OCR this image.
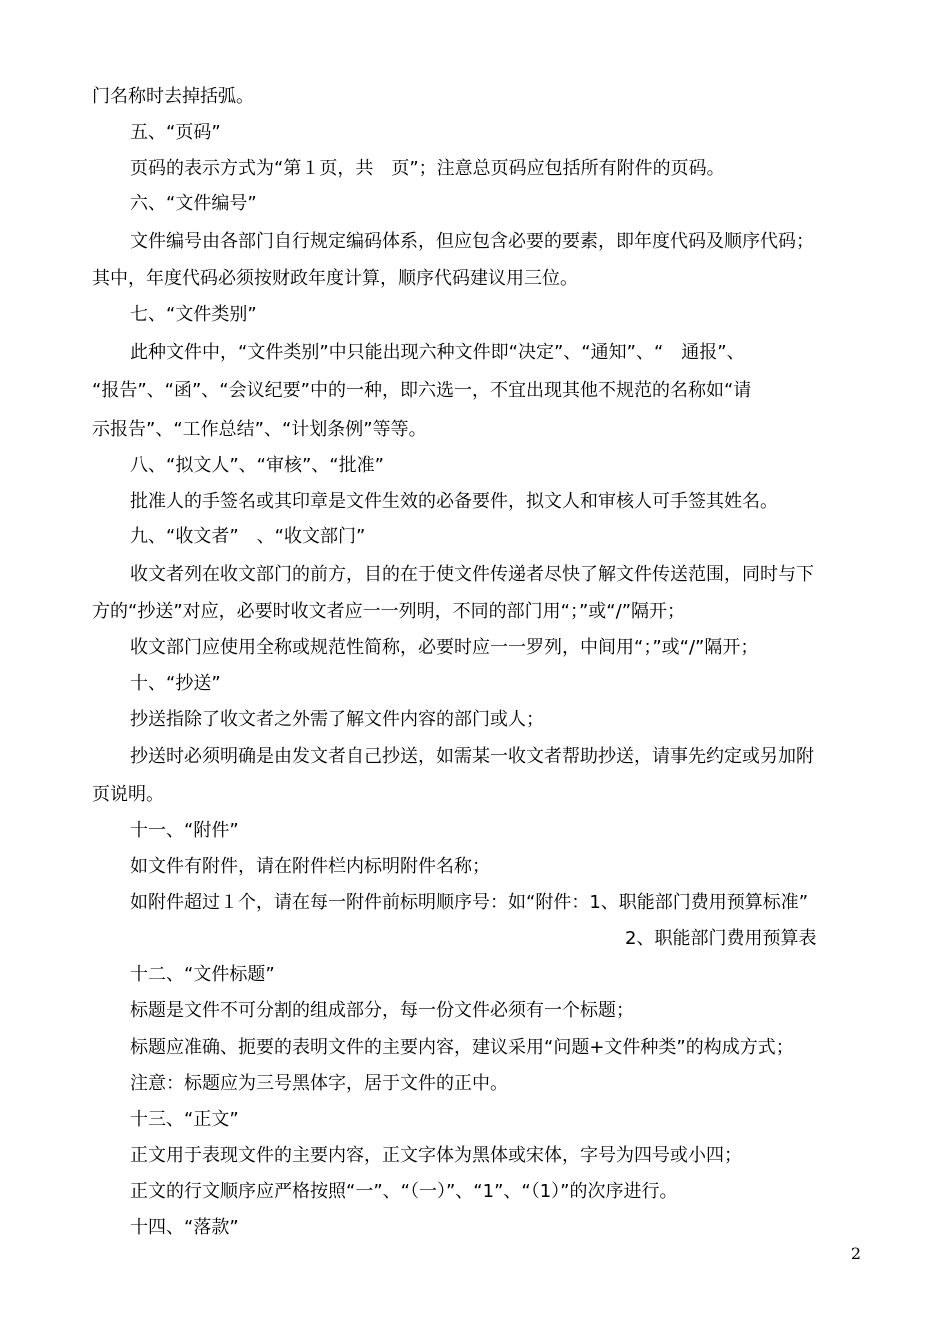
门名称时去掉括弧。
五、“页码”
页码的表示方式为“第１页，共　页”；注意总页码应包括所有附件的页码。
六、“文件编号”
文件编号由各部门自行规定编码体系，但应包含必要的要素，即年度代码及顺序代码；
其中，年度代码必须按财政年度计算，顺序代码建议用三位。
七、“文件类别”
此种文件中，“文件类别”中只能出现六种文件即“决定”、“通知”、“　通报”、
“报告”、“函”、“会议纪要”中的一种，即六选一，不宜出现其他不规范的名称如“请
示报告”、“工作总结”、“计划条例”等等。
八、“拟文人”、“审核”、“批准”
批准人的手签名或其印章是文件生效的必备要件，拟文人和审核人可手签其姓名。
九、“收文者”　、“收文部门”
收文者列在收文部门的前方，目的在于使文件传递者尽快了解文件传送范围，同时与下
方的“抄送”对应，必要时收文者应一一列明，不同的部门用“；”或“/”隔开；
收文部门应使用全称或规范性简称，必要时应一一罗列，中间用“；”或“/”隔开；
十、“抄送”
抄送指除了收文者之外需了解文件内容的部门或人；
抄送时必须明确是由发文者自己抄送，如需某一收文者帮助抄送，请事先约定或另加附
页说明。
十一、“附件”
如文件有附件，请在附件栏内标明附件名称；
如附件超过１个，请在每一附件前标明顺序号：如“附件：1、职能部门费用预算标准”
2、职能部门费用预算表
十二、“文件标题”
标题是文件不可分割的组成部分，每一份文件必须有一个标题；
标题应准确、扼要的表明文件的主要内容，建议采用“问题+文件种类”的构成方式；
注意：标题应为三号黑体字，居于文件的正中。
十三、“正文”
正文用于表现文件的主要内容，正文字体为黑体或宋体，字号为四号或小四；
正文的行文顺序应严格按照“一”、“（一）”、“1”、“（1）”的次序进行。
十四、“落款”
2
